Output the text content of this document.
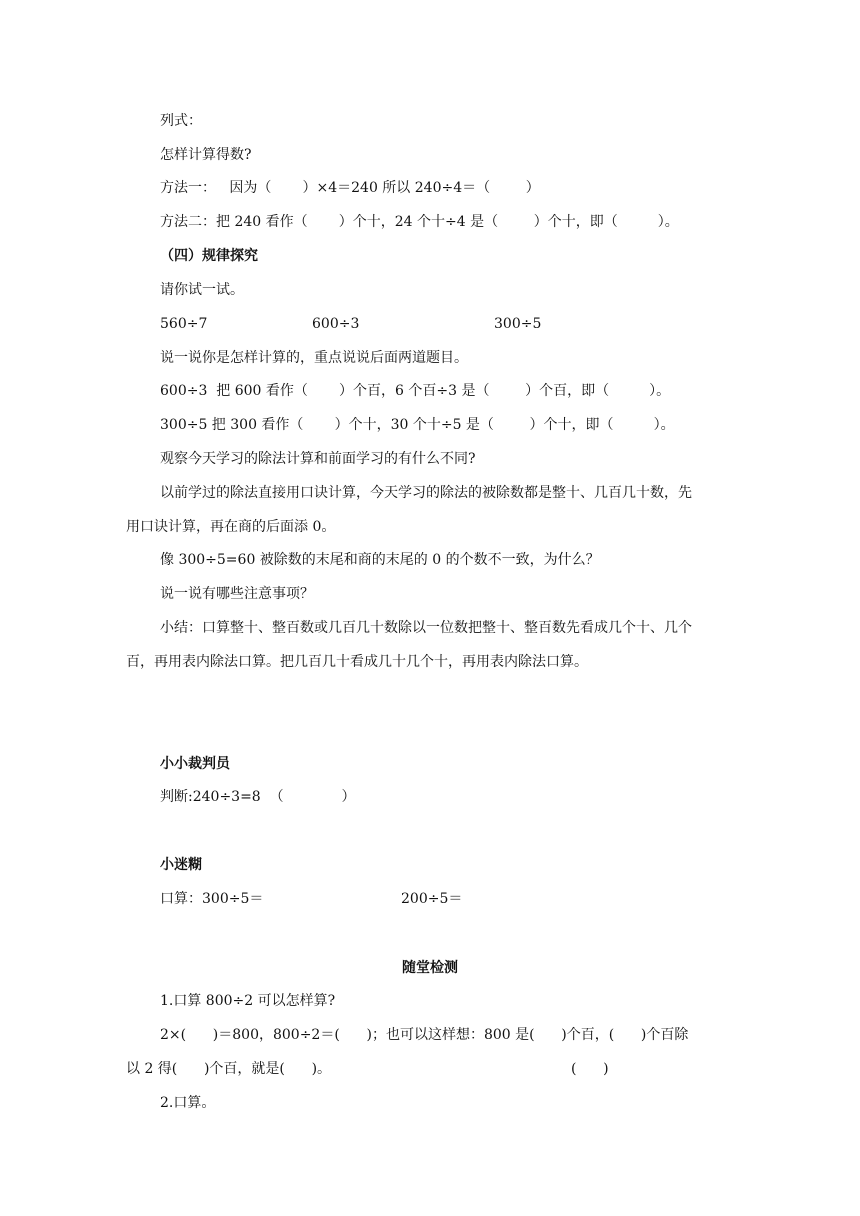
列式：
怎样计算得数?
方法一：   因为（       ）×4＝240 所以 240÷4＝（        ）
方法二：把 240 看作（       ）个十，24 个十÷4 是（        ）个十，即（         ）。
（四）规律探究
请你试一试。
560÷7	600÷3	300÷5
说一说你是怎样计算的，重点说说后面两道题目。
600÷3  把 600 看作（       ）个百，6 个百÷3 是（        ）个百，即（         ）。
300÷5 把 300 看作（       ）个十，30 个十÷5 是（        ）个十，即（         ）。
观察今天学习的除法计算和前面学习的有什么不同?
以前学过的除法直接用口诀计算，今天学习的除法的被除数都是整十、几百几十数，先
用口诀计算，再在商的后面添 0。
像 300÷5=60 被除数的末尾和商的末尾的 0 的个数不一致，为什么？
说一说有哪些注意事项？
小结：口算整十、整百数或几百几十数除以一位数把整十、整百数先看成几个十、几个
百，再用表内除法口算。把几百几十看成几十几个十，再用表内除法口算。
小小裁判员
判断:240÷3=8  （             ）
小迷糊
口算：300÷5＝	200÷5＝
随堂检测
1.口算 800÷2 可以怎样算?
2×(      )＝800，800÷2＝(      )；也可以这样想：800 是(      )个百，(      )个百除
以 2 得(      )个百，就是(      )。	(      )
2.口算。
